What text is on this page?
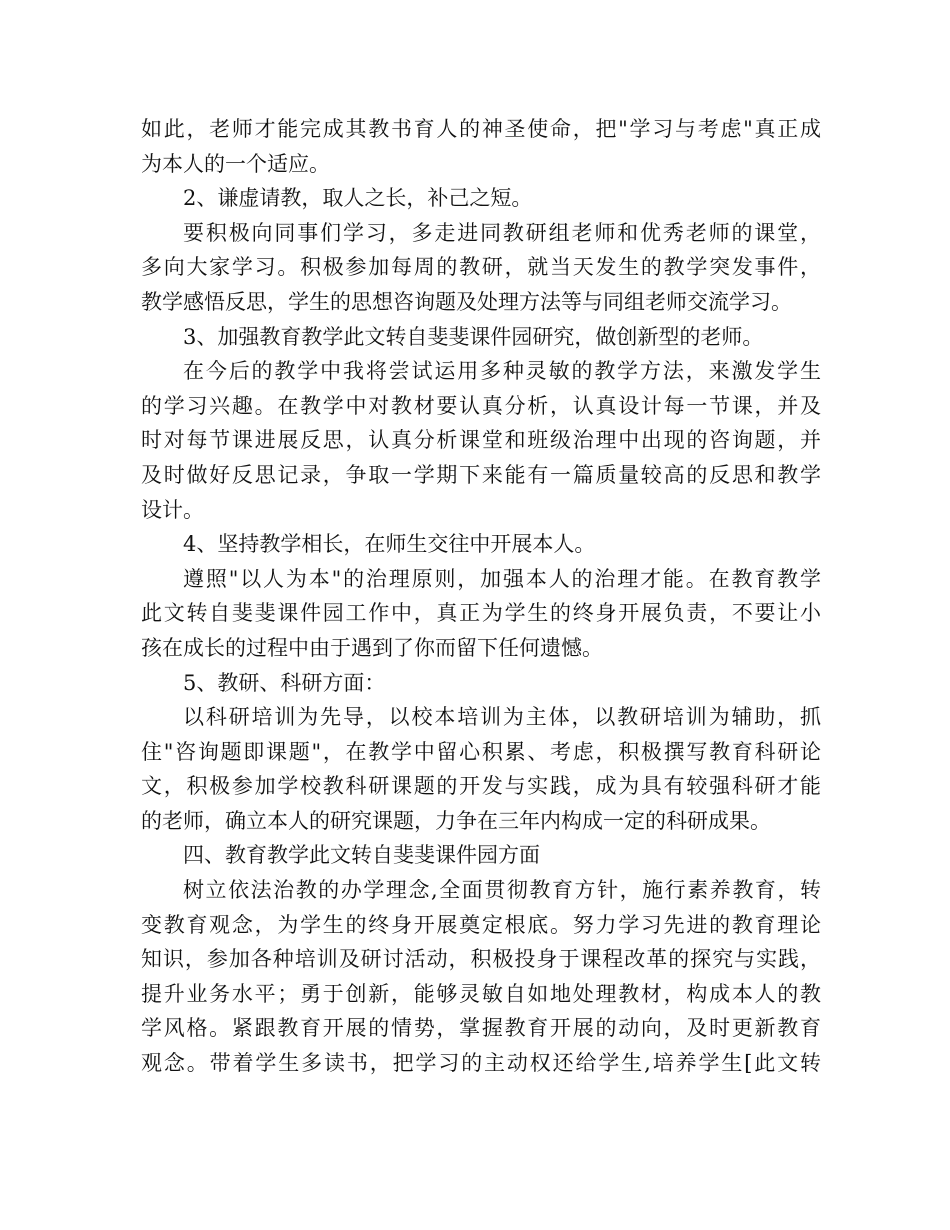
如此，老师才能完成其教书育人的神圣使命，把"学习与考虑"真正成
为本人的一个适应。
2、谦虚请教，取人之长，补己之短。
要积极向同事们学习，多走进同教研组老师和优秀老师的课堂，
多向大家学习。积极参加每周的教研，就当天发生的教学突发事件，
教学感悟反思，学生的思想咨询题及处理方法等与同组老师交流学习。
3、加强教育教学此文转自斐斐课件园研究，做创新型的老师。
在今后的教学中我将尝试运用多种灵敏的教学方法，来激发学生
的学习兴趣。在教学中对教材要认真分析，认真设计每一节课，并及
时对每节课进展反思，认真分析课堂和班级治理中出现的咨询题，并
及时做好反思记录，争取一学期下来能有一篇质量较高的反思和教学
设计。
4、坚持教学相长，在师生交往中开展本人。
遵照"以人为本"的治理原则，加强本人的治理才能。在教育教学
此文转自斐斐课件园工作中，真正为学生的终身开展负责，不要让小
孩在成长的过程中由于遇到了你而留下任何遗憾。
5、教研、科研方面：
以科研培训为先导，以校本培训为主体，以教研培训为辅助，抓
住"咨询题即课题"，在教学中留心积累、考虑，积极撰写教育科研论
文，积极参加学校教科研课题的开发与实践，成为具有较强科研才能
的老师，确立本人的研究课题，力争在三年内构成一定的科研成果。
四、教育教学此文转自斐斐课件园方面
树立依法治教的办学理念,全面贯彻教育方针，施行素养教育，转
变教育观念，为学生的终身开展奠定根底。努力学习先进的教育理论
知识，参加各种培训及研讨活动，积极投身于课程改革的探究与实践，
提升业务水平；勇于创新，能够灵敏自如地处理教材，构成本人的教
学风格。紧跟教育开展的情势，掌握教育开展的动向，及时更新教育
观念。带着学生多读书，把学习的主动权还给学生,培养学生[此文转
